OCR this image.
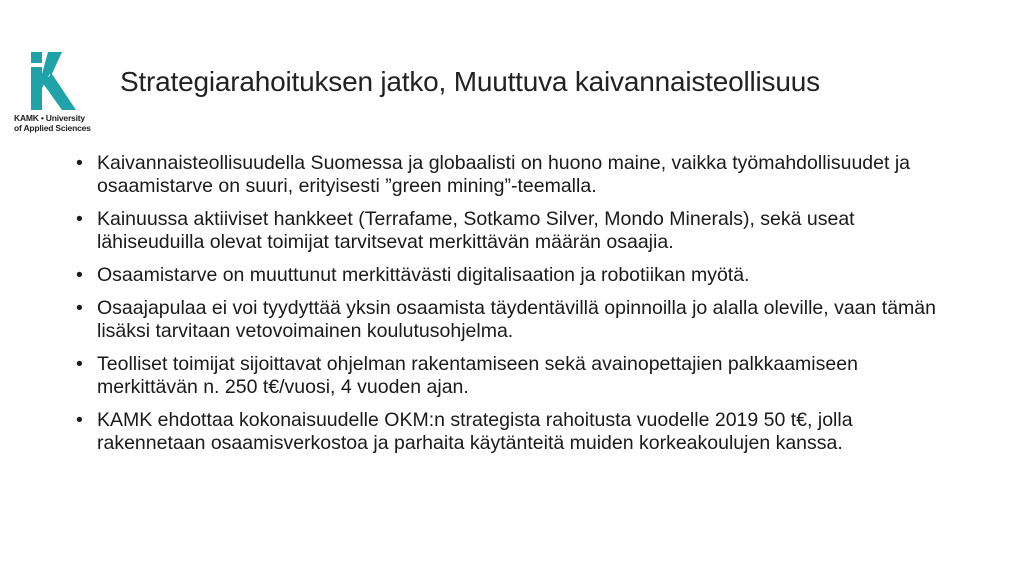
KAMK • University
of Applied Sciences
Strategiarahoituksen jatko, Muuttuva kaivannaisteollisuus
• Kaivannaisteollisuudella Suomessa ja globaalisti on huono maine, vaikka työmahdollisuudet ja osaamistarve on suuri, erityisesti ”green mining”-teemalla.
• Kainuussa aktiiviset hankkeet (Terrafame, Sotkamo Silver, Mondo Minerals), sekä useat lähiseuduilla olevat toimijat tarvitsevat merkittävän määrän osaajia.
• Osaamistarve on muuttunut merkittävästi digitalisaation ja robotiikan myötä.
• Osaajapulaa ei voi tyydyttää yksin osaamista täydentävillä opinnoilla jo alalla oleville, vaan tämän lisäksi tarvitaan vetovoimainen koulutusohjelma.
• Teolliset toimijat sijoittavat ohjelman rakentamiseen sekä avainopettajien palkkaamiseen merkittävän n. 250 t€/vuosi, 4 vuoden ajan.
• KAMK ehdottaa kokonaisuudelle OKM:n strategista rahoitusta vuodelle 2019 50 t€, jolla rakennetaan osaamisverkostoa ja parhaita käytänteitä muiden korkeakoulujen kanssa.
